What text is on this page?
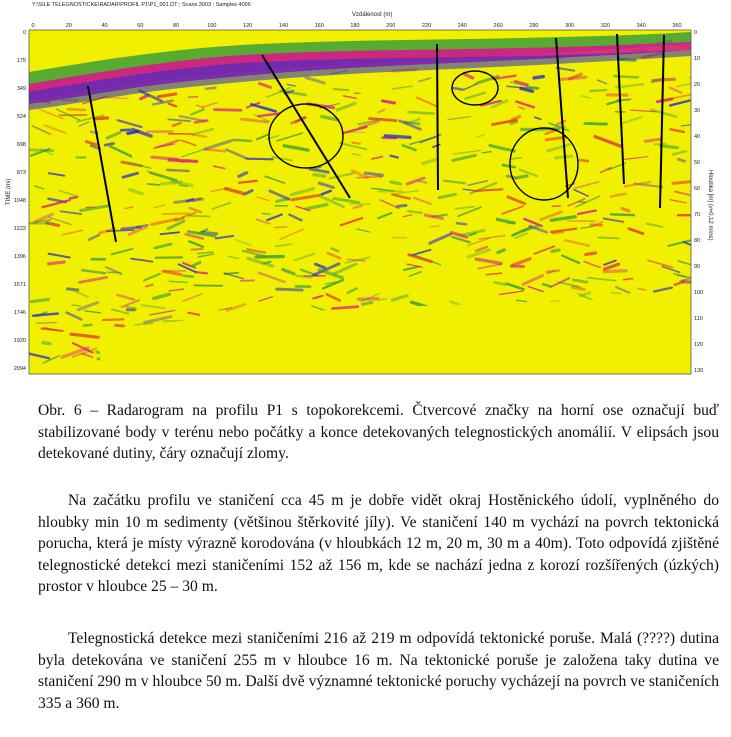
Y:\SILE TELEGNOSTICKE\RADAR\PROFIL P1\P1_001.DT ; Scans 3003 ; Samples 4096
Vzdálenost (m)
TIME (ns)	Hloubka [m] (v=0,12 m/ns)
0	20	40	60	80	100	120	140	160	180	200	220	240	260	280	300	320	340	360
0
175
349
524
698
873
1048
1222
1396
1571
1746
1920
2094
0
10
20
30
40
50
60
70
80
90
100
110
120
130

Obr. 6 – Radarogram na profilu P1 s topokorekcemi. Čtvercové značky na horní ose označují buď stabilizované body v terénu nebo počátky a konce detekovaných telegnostických anomálií. V elipsách jsou detekované dutiny, čáry označují zlomy.

Na začátku profilu ve staničení cca 45 m je dobře vidět okraj Hostěnického údolí, vyplněného do hloubky min 10 m sedimenty (většinou štěrkovité jíly). Ve staničení 140 m vychází na povrch tektonická porucha, která je místy výrazně korodována (v hloubkách 12 m, 20 m, 30 m a 40m). Toto odpovídá zjištěné telegnostické detekci mezi staničeními 152 až 156 m, kde se nachází jedna z korozí rozšířených (úzkých) prostor v hloubce 25 – 30 m.

Telegnostická detekce mezi staničeními 216 až 219 m odpovídá tektonické poruše. Malá (????) dutina byla detekována ve staničení 255 m v hloubce 16 m. Na tektonické poruše je založena taky dutina ve staničení 290 m v hloubce 50 m. Další dvě významné tektonické poruchy vycházejí na povrch ve staničeních 335 a 360 m.
